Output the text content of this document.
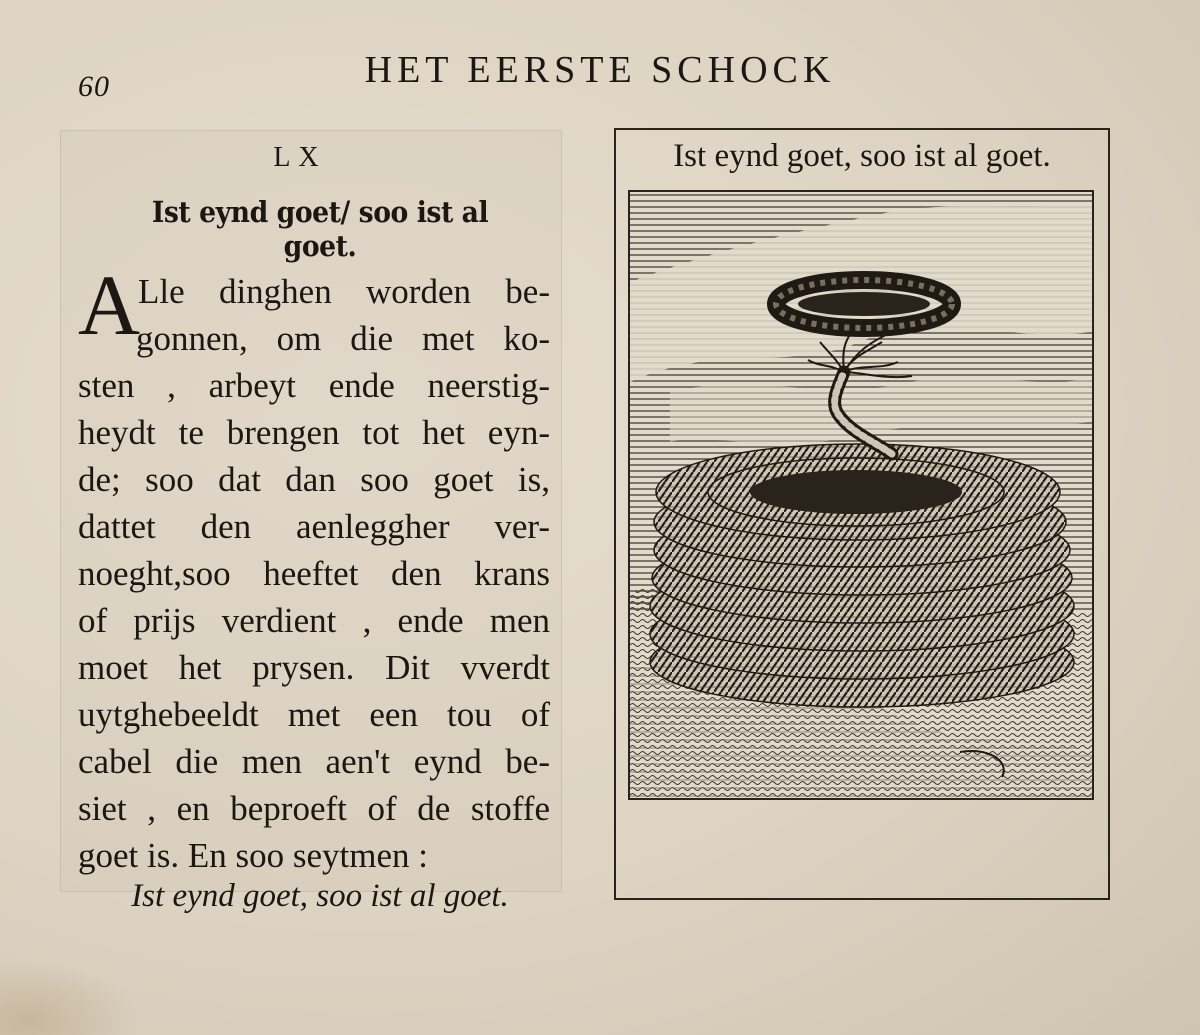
60	HET EERSTE SCHOCK
LX
Ist eynd goet/ soo ist al goet.
A
Lle dinghen worden be-
gonnen, om die met ko-
sten , arbeyt ende neerstig-
heydt te brengen tot het eyn-
de; soo dat dan soo goet is,
dattet den aenleggher ver-
noeght,soo heeftet den krans
of prijs verdient , ende men
moet het prysen. Dit vverdt
uytghebeeldt met een tou of
cabel die men aen't eynd be-
siet , en beproeft of de stoffe
goet is. En soo seytmen :
Ist eynd goet, soo ist al goet.
Ist eynd goet, soo ist al goet.
